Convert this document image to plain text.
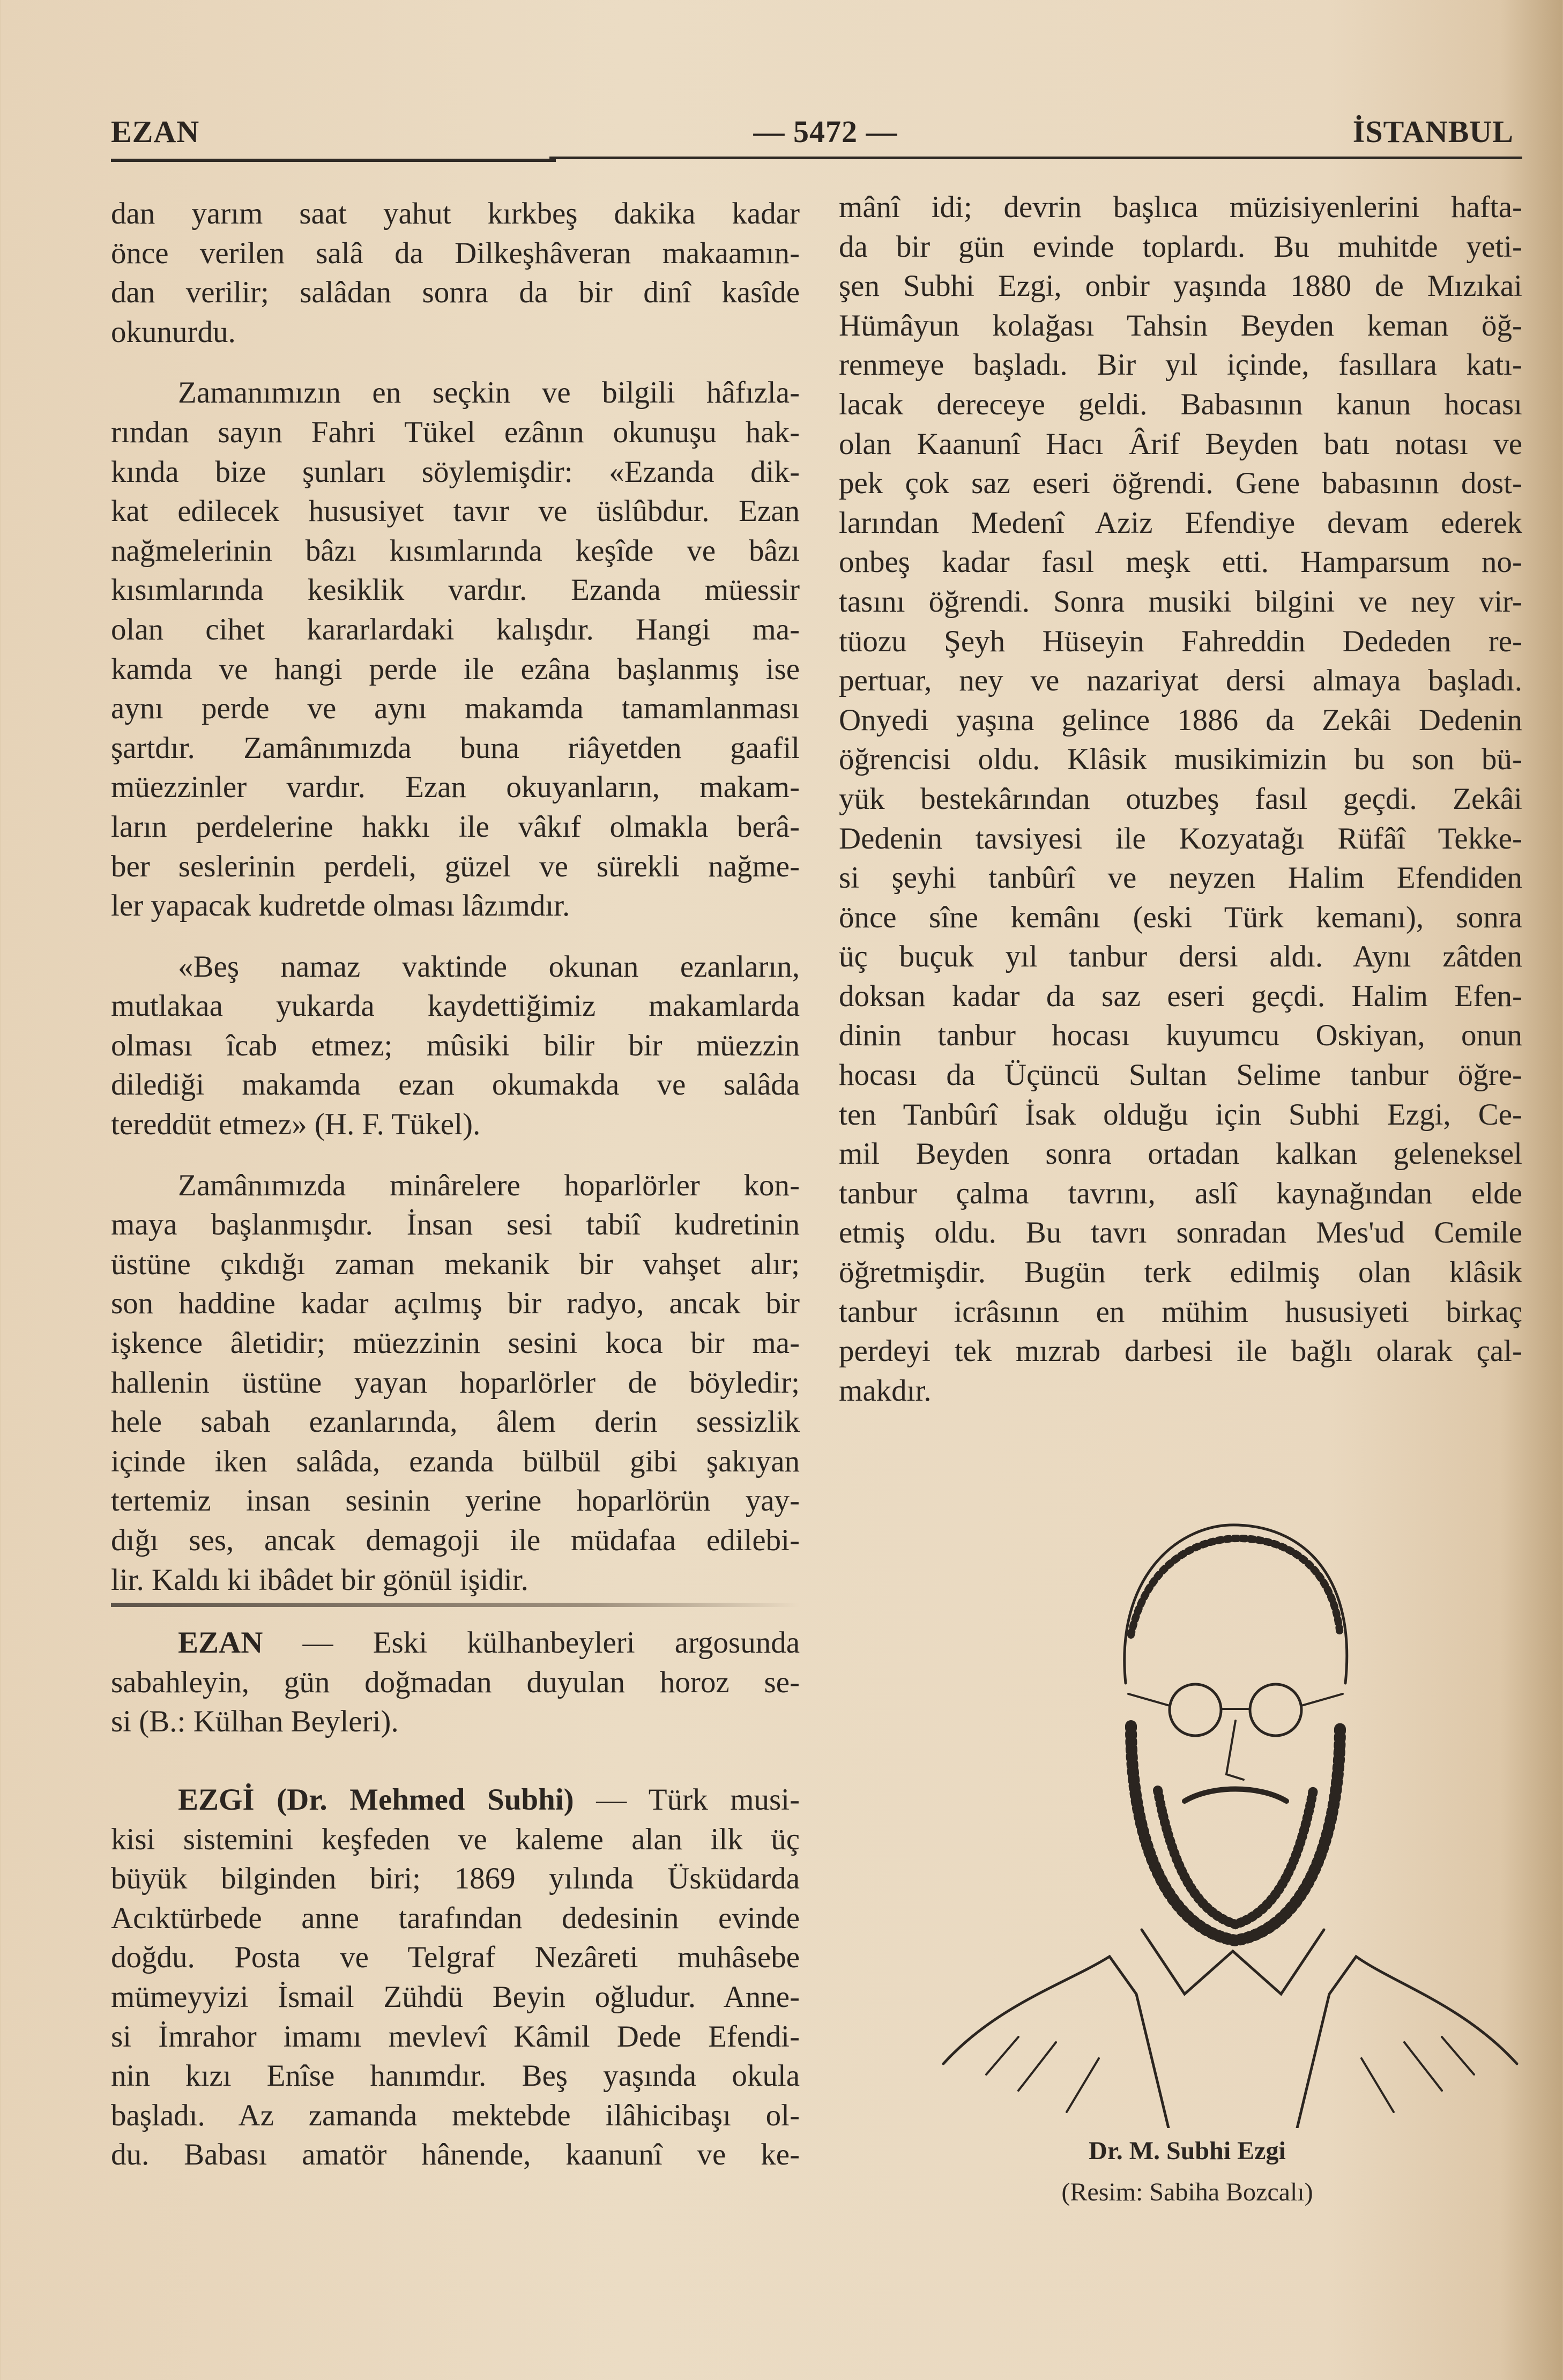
EZAN	— 5472 —	İSTANBUL
dan yarım saat yahut kırkbeş dakika kadar
önce verilen salâ da Dilkeşhâveran makaamın-
dan verilir; salâdan sonra da bir dinî kasîde
okunurdu.
Zamanımızın en seçkin ve bilgili hâfızla-
rından sayın Fahri Tükel ezânın okunuşu hak-
kında bize şunları söylemişdir: «Ezanda dik-
kat edilecek hususiyet tavır ve üslûbdur. Ezan
nağmelerinin bâzı kısımlarında keşîde ve bâzı
kısımlarında kesiklik vardır. Ezanda müessir
olan cihet kararlardaki kalışdır. Hangi ma-
kamda ve hangi perde ile ezâna başlanmış ise
aynı perde ve aynı makamda tamamlanması
şartdır. Zamânımızda buna riâyetden gaafil
müezzinler vardır. Ezan okuyanların, makam-
ların perdelerine hakkı ile vâkıf olmakla berâ-
ber seslerinin perdeli, güzel ve sürekli nağme-
ler yapacak kudretde olması lâzımdır.
«Beş namaz vaktinde okunan ezanların,
mutlakaa yukarda kaydettiğimiz makamlarda
olması îcab etmez; mûsiki bilir bir müezzin
dilediği makamda ezan okumakda ve salâda
tereddüt etmez» (H. F. Tükel).
Zamânımızda minârelere hoparlörler kon-
maya başlanmışdır. İnsan sesi tabiî kudretinin
üstüne çıkdığı zaman mekanik bir vahşet alır;
son haddine kadar açılmış bir radyo, ancak bir
işkence âletidir; müezzinin sesini koca bir ma-
hallenin üstüne yayan hoparlörler de böyledir;
hele sabah ezanlarında, âlem derin sessizlik
içinde iken salâda, ezanda bülbül gibi şakıyan
tertemiz insan sesinin yerine hoparlörün yay-
dığı ses, ancak demagoji ile müdafaa edilebi-
lir. Kaldı ki ibâdet bir gönül işidir.
EZAN — Eski külhanbeyleri argosunda
sabahleyin, gün doğmadan duyulan horoz se-
si (B.: Külhan Beyleri).
EZGİ (Dr. Mehmed Subhi) — Türk musi-
kisi sistemini keşfeden ve kaleme alan ilk üç
büyük bilginden biri; 1869 yılında Üsküdarda
Acıktürbede anne tarafından dedesinin evinde
doğdu. Posta ve Telgraf Nezâreti muhâsebe
mümeyyizi İsmail Zühdü Beyin oğludur. Anne-
si İmrahor imamı mevlevî Kâmil Dede Efendi-
nin kızı Enîse hanımdır. Beş yaşında okula
başladı. Az zamanda mektebde ilâhicibaşı ol-
du. Babası amatör hânende, kaanunî ve ke-
mânî idi; devrin başlıca müzisiyenlerini hafta-
da bir gün evinde toplardı. Bu muhitde yeti-
şen Subhi Ezgi, onbir yaşında 1880 de Mızıkai
Hümâyun kolağası Tahsin Beyden keman öğ-
renmeye başladı. Bir yıl içinde, fasıllara katı-
lacak dereceye geldi. Babasının kanun hocası
olan Kaanunî Hacı Ârif Beyden batı notası ve
pek çok saz eseri öğrendi. Gene babasının dost-
larından Medenî Aziz Efendiye devam ederek
onbeş kadar fasıl meşk etti. Hamparsum no-
tasını öğrendi. Sonra musiki bilgini ve ney vir-
tüozu Şeyh Hüseyin Fahreddin Dededen re-
pertuar, ney ve nazariyat dersi almaya başladı.
Onyedi yaşına gelince 1886 da Zekâi Dedenin
öğrencisi oldu. Klâsik musikimizin bu son bü-
yük bestekârından otuzbeş fasıl geçdi. Zekâi
Dedenin tavsiyesi ile Kozyatağı Rüfâî Tekke-
si şeyhi tanbûrî ve neyzen Halim Efendiden
önce sîne kemânı (eski Türk kemanı), sonra
üç buçuk yıl tanbur dersi aldı. Aynı zâtden
doksan kadar da saz eseri geçdi. Halim Efen-
dinin tanbur hocası kuyumcu Oskiyan, onun
hocası da Üçüncü Sultan Selime tanbur öğre-
ten Tanbûrî İsak olduğu için Subhi Ezgi, Ce-
mil Beyden sonra ortadan kalkan geleneksel
tanbur çalma tavrını, aslî kaynağından elde
etmiş oldu. Bu tavrı sonradan Mes'ud Cemile
öğretmişdir. Bugün terk edilmiş olan klâsik
tanbur icrâsının en mühim hususiyeti birkaç
perdeyi tek mızrab darbesi ile bağlı olarak çal-
makdır.
Dr. M. Subhi Ezgi
(Resim: Sabiha Bozcalı)
